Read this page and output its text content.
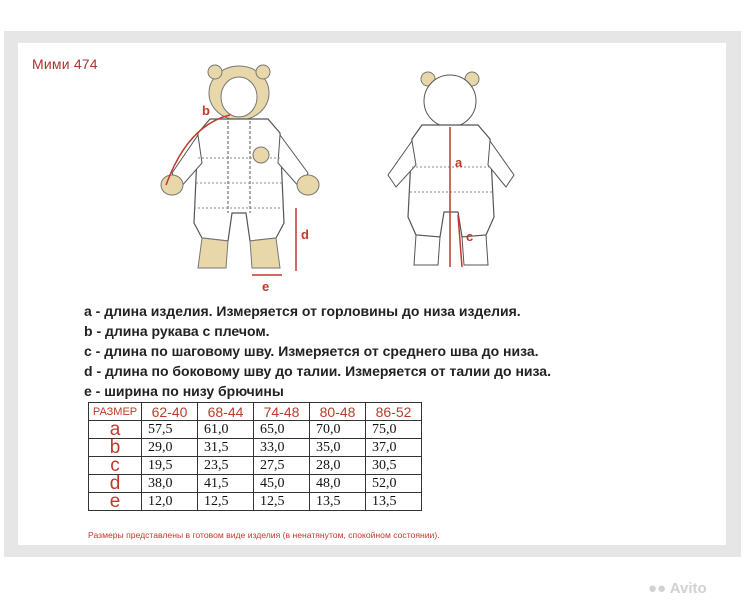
Мими 474
b
d
e
a
c
a - длина изделия. Измеряется от горловины до низа изделия.
b - длина рукава с плечом.
c - длина по шаговому шву. Измеряется от среднего шва до низа.
d - длина по боковому шву до талии. Измеряется от талии до низа.
e - ширина по низу брючины
РАЗМЕР	62-40	68-44	74-48	80-48	86-52
a	57,5	61,0	65,0	70,0	75,0
b	29,0	31,5	33,0	35,0	37,0
c	19,5	23,5	27,5	28,0	30,5
d	38,0	41,5	45,0	48,0	52,0
e	12,0	12,5	12,5	13,5	13,5
Размеры представлены в готовом виде изделия (в ненатянутом, спокойном состоянии).
●● Avito
